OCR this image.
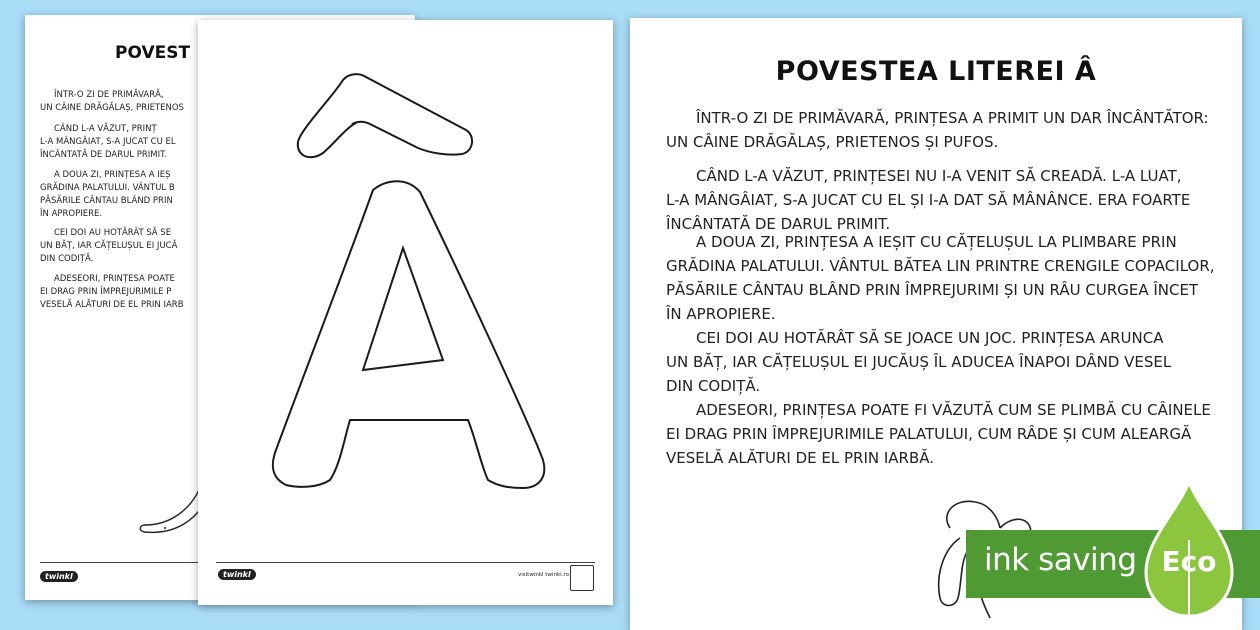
POVEST
ÎNTR-O ZI DE PRIMĂVARĂ,
UN CÂINE DRĂGĂLAȘ, PRIETENOS
CÂND L-A VĂZUT, PRINȚ
L-A MÂNGÂIAT, S-A JUCAT CU EL
ÎNCÂNTATĂ DE DARUL PRIMIT.
A DOUA ZI, PRINȚESA A IEȘ
GRĂDINA PALATULUI. VÂNTUL B
PĂSĂRILE CÂNTAU BLÂND PRIN
ÎN APROPIERE.
CEI DOI AU HOTĂRÂT SĂ SE
UN BĂȚ, IAR CĂȚELUȘUL EI JUCĂ
DIN CODIȚĂ.
ADESEORI, PRINȚESA POATE
EI DRAG PRIN ÎMPREJURIMILE P
VESELĂ ALĂTURI DE EL PRIN IARB
twinkl	twinkl	visitwinkl twinkl.ro
POVESTEA LITEREI Â
ÎNTR-O ZI DE PRIMĂVARĂ, PRINȚESA A PRIMIT UN DAR ÎNCÂNTĂTOR:
UN CÂINE DRĂGĂLAȘ, PRIETENOS ȘI PUFOS.
CÂND L-A VĂZUT, PRINȚESEI NU I-A VENIT SĂ CREADĂ. L-A LUAT,
L-A MÂNGÂIAT, S-A JUCAT CU EL ȘI I-A DAT SĂ MÂNÂNCE. ERA FOARTE
ÎNCÂNTATĂ DE DARUL PRIMIT.
A DOUA ZI, PRINȚESA A IEȘIT CU CĂȚELUȘUL LA PLIMBARE PRIN
GRĂDINA PALATULUI. VÂNTUL BĂTEA LIN PRINTRE CRENGILE COPACILOR,
PĂSĂRILE CÂNTAU BLÂND PRIN ÎMPREJURIMI ȘI UN RÂU CURGEA ÎNCET
ÎN APROPIERE.
CEI DOI AU HOTĂRÂT SĂ SE JOACE UN JOC. PRINȚESA ARUNCA
UN BĂȚ, IAR CĂȚELUȘUL EI JUCĂUȘ ÎL ADUCEA ÎNAPOI DÂND VESEL
DIN CODIȚĂ.
ADESEORI, PRINȚESA POATE FI VĂZUTĂ CUM SE PLIMBĂ CU CÂINELE
EI DRAG PRIN ÎMPREJURIMILE PALATULUI, CUM RÂDE ȘI CUM ALEARGĂ
VESELĂ ALĂTURI DE EL PRIN IARBĂ.
ink saving Eco
